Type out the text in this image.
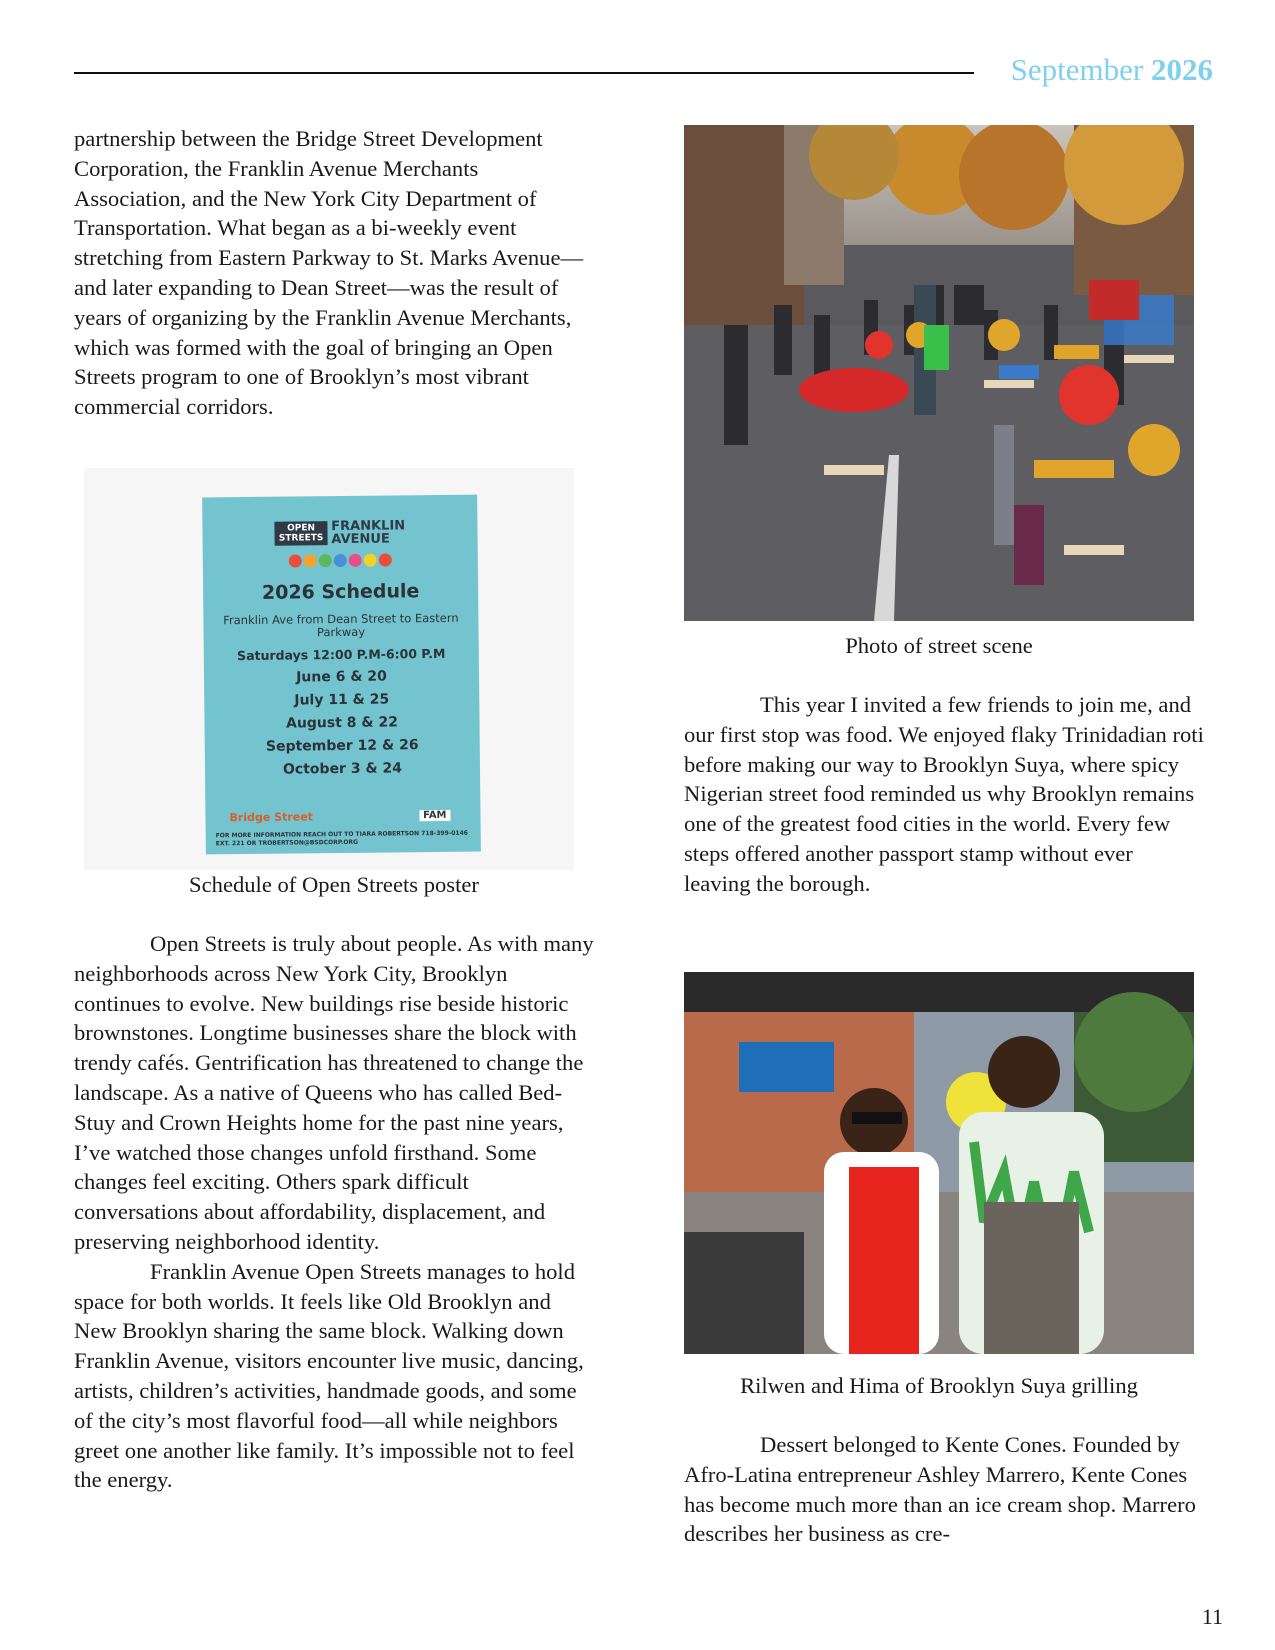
September 2026

partnership between the Bridge Street Development Corporation, the Franklin Avenue Merchants Association, and the New York City Department of Transportation. What began as a bi-weekly event stretching from Eastern Parkway to St. Marks Avenue—and later expanding to Dean Street—was the result of years of organizing by the Franklin Avenue Merchants, which was formed with the goal of bringing an Open Streets program to one of Brooklyn’s most vibrant commercial corridors.

OPEN
STREETS
FRANKLIN
AVENUE
2026 Schedule
Franklin Ave from Dean Street to Eastern Parkway
Saturdays 12:00 P.M-6:00 P.M
June 6 & 20
July 11 & 25
August 8 & 22
September 12 & 26
October 3 & 24
Bridge Street	FAM
FOR MORE INFORMATION REACH OUT TO TIARA ROBERTSON 718-399-0146 EXT. 221 OR TROBERTSON@BSDCORP.ORG
Schedule of Open Streets poster

Open Streets is truly about people. As with many neighborhoods across New York City, Brooklyn continues to evolve. New buildings rise beside historic brownstones. Longtime businesses share the block with trendy cafés. Gentrification has threatened to change the landscape. As a native of Queens who has called Bed-Stuy and Crown Heights home for the past nine years, I’ve watched those changes unfold firsthand. Some changes feel exciting. Others spark difficult conversations about affordability, displacement, and preserving neighborhood identity.

Franklin Avenue Open Streets manages to hold space for both worlds. It feels like Old Brooklyn and New Brooklyn sharing the same block. Walking down Franklin Avenue, visitors encounter live music, dancing, artists, children’s activities, handmade goods, and some of the city’s most flavorful food—all while neighbors greet one another like family. It’s impossible not to feel the energy.

Photo of street scene

This year I invited a few friends to join me, and our first stop was food. We enjoyed flaky Trinidadian roti before making our way to Brooklyn Suya, where spicy Nigerian street food reminded us why Brooklyn remains one of the greatest food cities in the world. Every few steps offered another passport stamp without ever leaving the borough.

Rilwen and Hima of Brooklyn Suya grilling

Dessert belonged to Kente Cones. Founded by Afro-Latina entrepreneur Ashley Marrero, Kente Cones has become much more than an ice cream shop. Marrero describes her business as cre-

11
